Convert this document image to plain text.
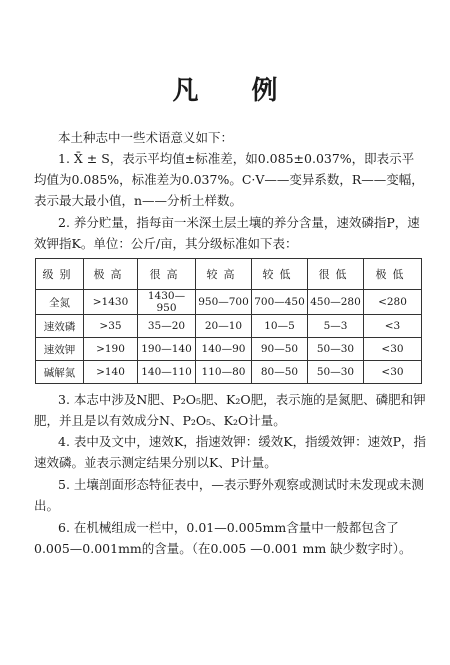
凡 例
本土种志中一些术语意义如下：
1. X̄ ± S，表示平均值±标准差，如0.085±0.037%，即表示平均值为0.085%，标准差为0.037%。C·V——变异系数，R——变幅，表示最大最小值，n——分析土样数。
2. 养分贮量，指每亩一米深土层土壤的养分含量，速效磷指P，速效钾指K。单位：公斤/亩，其分级标准如下表：
级别	极高	很高	较高	较低	很低	极低
全氮	>1430	1430—950	950—700	700—450	450—280	<280
速效磷	>35	35—20	20—10	10—5	5—3	<3
速效钾	>190	190—140	140—90	90—50	50—30	<30
碱解氮	>140	140—110	110—80	80—50	50—30	<30
3. 本志中涉及N肥、P₂O₅肥、K₂O肥，表示施的是氮肥、磷肥和钾肥，并且是以有效成分N、P₂O₅、K₂O计量。
4. 表中及文中，速效K，指速效钾：缓效K，指缓效钾：速效P，指速效磷。並表示测定结果分别以K、P计量。
5. 土壤剖面形态特征表中，—表示野外观察或测试时未发现或未测出。
6. 在机械组成一栏中，0.01—0.005mm含量中一般都包含了0.005—0.001mm的含量。（在0.005 —0.001 mm 缺少数字时）。
